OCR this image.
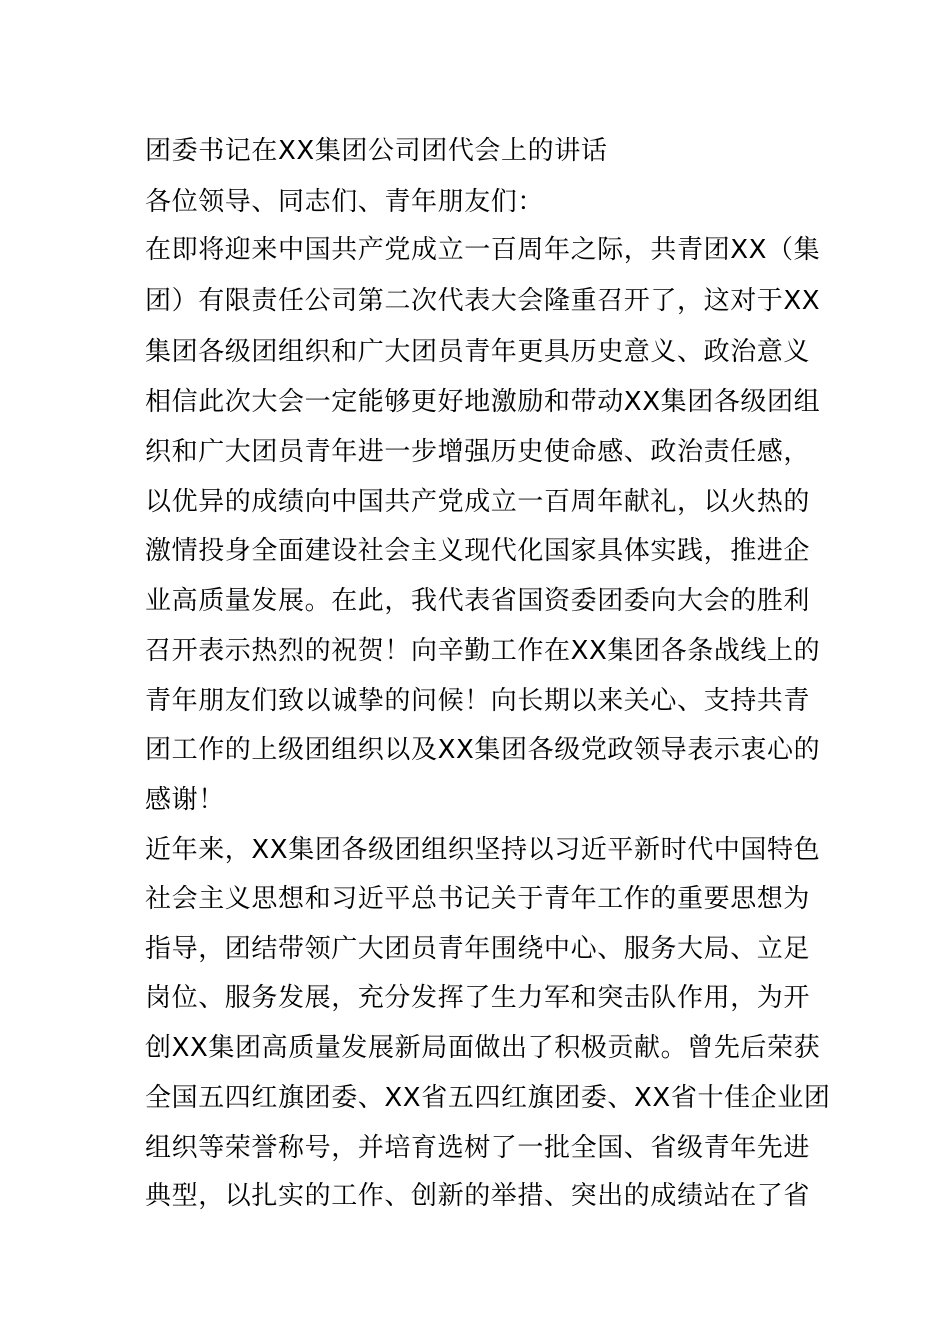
团委书记在XX集团公司团代会上的讲话
各位领导、同志们、青年朋友们：
在即将迎来中国共产党成立一百周年之际，共青团XX（集
团）有限责任公司第二次代表大会隆重召开了，这对于XX
集团各级团组织和广大团员青年更具历史意义、政治意义
相信此次大会一定能够更好地激励和带动XX集团各级团组
织和广大团员青年进一步增强历史使命感、政治责任感，
以优异的成绩向中国共产党成立一百周年献礼，以火热的
激情投身全面建设社会主义现代化国家具体实践，推进企
业高质量发展。在此，我代表省国资委团委向大会的胜利
召开表示热烈的祝贺！向辛勤工作在XX集团各条战线上的
青年朋友们致以诚挚的问候！向长期以来关心、支持共青
团工作的上级团组织以及XX集团各级党政领导表示衷心的
感谢！
近年来，XX集团各级团组织坚持以习近平新时代中国特色
社会主义思想和习近平总书记关于青年工作的重要思想为
指导，团结带领广大团员青年围绕中心、服务大局、立足
岗位、服务发展，充分发挥了生力军和突击队作用，为开
创XX集团高质量发展新局面做出了积极贡献。曾先后荣获
全国五四红旗团委、XX省五四红旗团委、XX省十佳企业团
组织等荣誉称号，并培育选树了一批全国、省级青年先进
典型，以扎实的工作、创新的举措、突出的成绩站在了省
